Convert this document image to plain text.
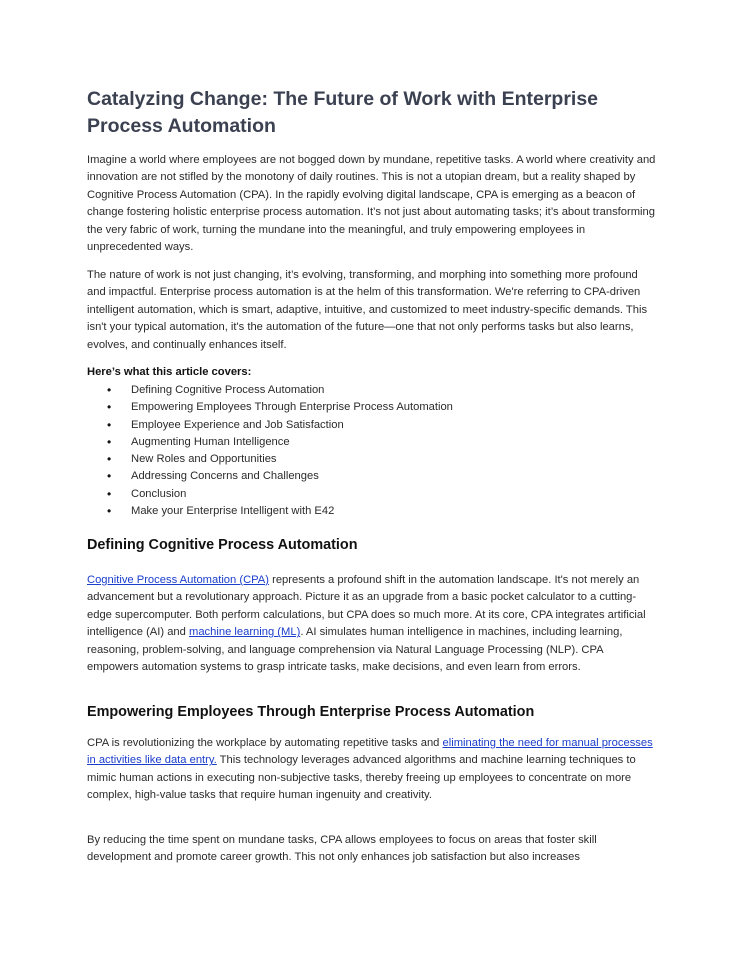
Catalyzing Change: The Future of Work with Enterprise Process Automation

Imagine a world where employees are not bogged down by mundane, repetitive tasks. A world where creativity and innovation are not stifled by the monotony of daily routines. This is not a utopian dream, but a reality shaped by Cognitive Process Automation (CPA). In the rapidly evolving digital landscape, CPA is emerging as a beacon of change fostering holistic enterprise process automation. It’s not just about automating tasks; it’s about transforming the very fabric of work, turning the mundane into the meaningful, and truly empowering employees in unprecedented ways.

The nature of work is not just changing, it’s evolving, transforming, and morphing into something more profound and impactful. Enterprise process automation is at the helm of this transformation. We're referring to CPA-driven intelligent automation, which is smart, adaptive, intuitive, and customized to meet industry-specific demands. This isn't your typical automation, it's the automation of the future—one that not only performs tasks but also learns, evolves, and continually enhances itself.

Here’s what this article covers:

• Defining Cognitive Process Automation
• Empowering Employees Through Enterprise Process Automation
• Employee Experience and Job Satisfaction
• Augmenting Human Intelligence
• New Roles and Opportunities
• Addressing Concerns and Challenges
• Conclusion
• Make your Enterprise Intelligent with E42
Defining Cognitive Process Automation

Cognitive Process Automation (CPA) represents a profound shift in the automation landscape. It's not merely an advancement but a revolutionary approach. Picture it as an upgrade from a basic pocket calculator to a cutting-edge supercomputer. Both perform calculations, but CPA does so much more. At its core, CPA integrates artificial intelligence (AI) and machine learning (ML). AI simulates human intelligence in machines, including learning, reasoning, problem-solving, and language comprehension via Natural Language Processing (NLP). CPA empowers automation systems to grasp intricate tasks, make decisions, and even learn from errors.

Empowering Employees Through Enterprise Process Automation

CPA is revolutionizing the workplace by automating repetitive tasks and eliminating the need for manual processes in activities like data entry. This technology leverages advanced algorithms and machine learning techniques to mimic human actions in executing non-subjective tasks, thereby freeing up employees to concentrate on more complex, high-value tasks that require human ingenuity and creativity.

By reducing the time spent on mundane tasks, CPA allows employees to focus on areas that foster skill development and promote career growth. This not only enhances job satisfaction but also increases
